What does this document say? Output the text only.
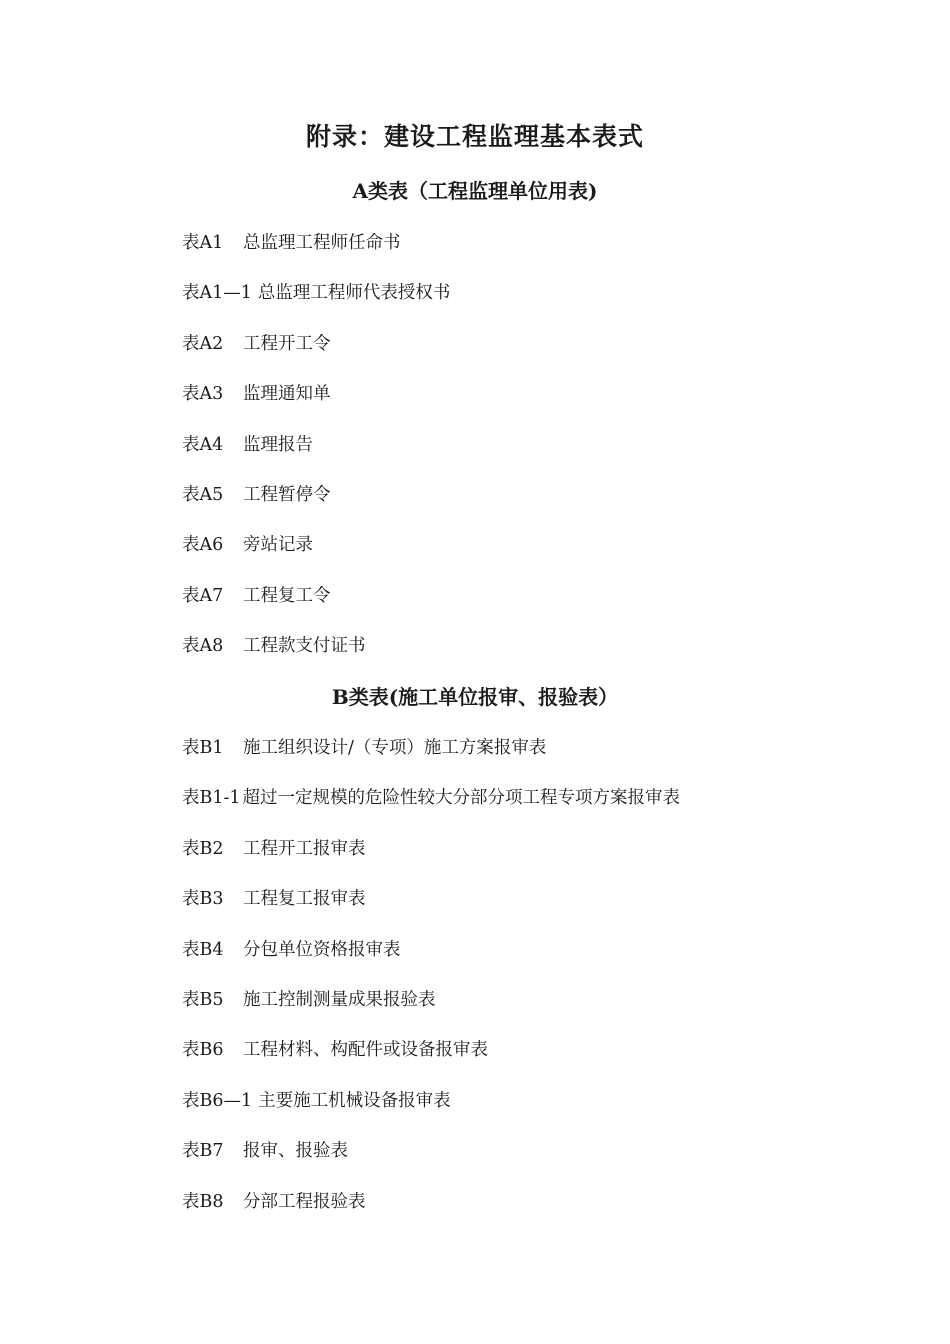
附录：建设工程监理基本表式
A类表（工程监理单位用表)
表A1 总监理工程师任命书
表A1—1 总监理工程师代表授权书
表A2 工程开工令
表A3 监理通知单
表A4 监理报告
表A5 工程暂停令
表A6 旁站记录
表A7 工程复工令
表A8 工程款支付证书
B类表(施工单位报审、报验表）
表B1 施工组织设计/（专项）施工方案报审表
表B1-1 超过一定规模的危险性较大分部分项工程专项方案报审表
表B2 工程开工报审表
表B3 工程复工报审表
表B4 分包单位资格报审表
表B5 施工控制测量成果报验表
表B6 工程材料、构配件或设备报审表
表B6—1 主要施工机械设备报审表
表B7 报审、报验表
表B8 分部工程报验表
